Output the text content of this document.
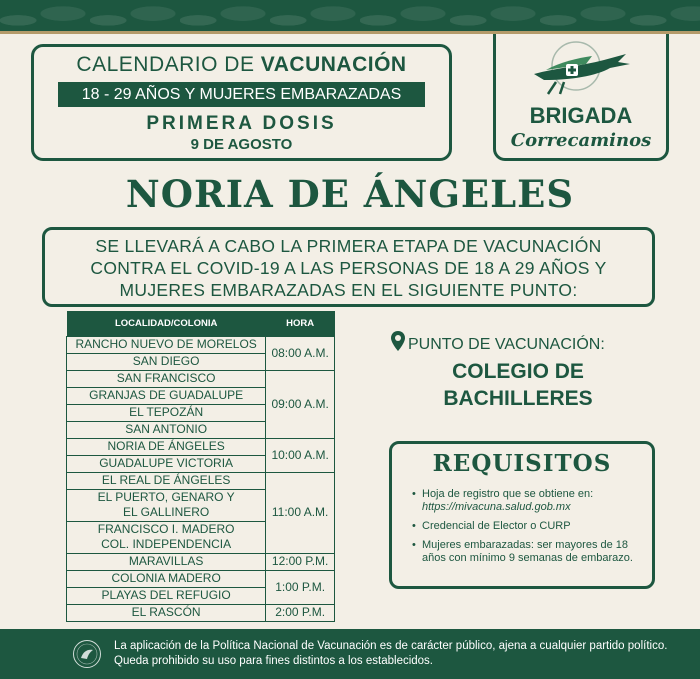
CALENDARIO DE VACUNACIÓN
18 - 29 AÑOS Y MUJERES EMBARAZADAS
PRIMERA DOSIS
9 DE AGOSTO
BRIGADA
Correcaminos
NORIA DE ÁNGELES
SE LLEVARÁ A CABO LA PRIMERA ETAPA DE VACUNACIÓN
CONTRA EL COVID-19 A LAS PERSONAS DE 18 A 29 AÑOS Y
MUJERES EMBARAZADAS EN EL SIGUIENTE PUNTO:
LOCALIDAD/COLONIA	HORA
RANCHO NUEVO DE MORELOS	08:00 A.M.
SAN DIEGO	
SAN FRANCISCO	09:00 A.M.
GRANJAS DE GUADALUPE	
EL TEPOZÁN	
SAN ANTONIO	
NORIA DE ÁNGELES	10:00 A.M.
GUADALUPE VICTORIA	
EL REAL DE ÁNGELES	11:00 A.M.
EL PUERTO, GENARO Y
EL GALLINERO	
FRANCISCO I. MADERO
COL. INDEPENDENCIA	
MARAVILLAS	12:00 P.M.
COLONIA MADERO	1:00 P.M.
PLAYAS DEL REFUGIO	
EL RASCÓN	2:00 P.M.
PUNTO DE VACUNACIÓN:
COLEGIO DE
BACHILLERES
REQUISITOS
• Hoja de registro que se obtiene en: https://mivacuna.salud.gob.mx
• Credencial de Elector o CURP
• Mujeres embarazadas: ser mayores de 18 años con mínimo 9 semanas de embarazo.
La aplicación de la Política Nacional de Vacunación es de carácter público, ajena a cualquier partido político. Queda prohibido su uso para fines distintos a los establecidos.
